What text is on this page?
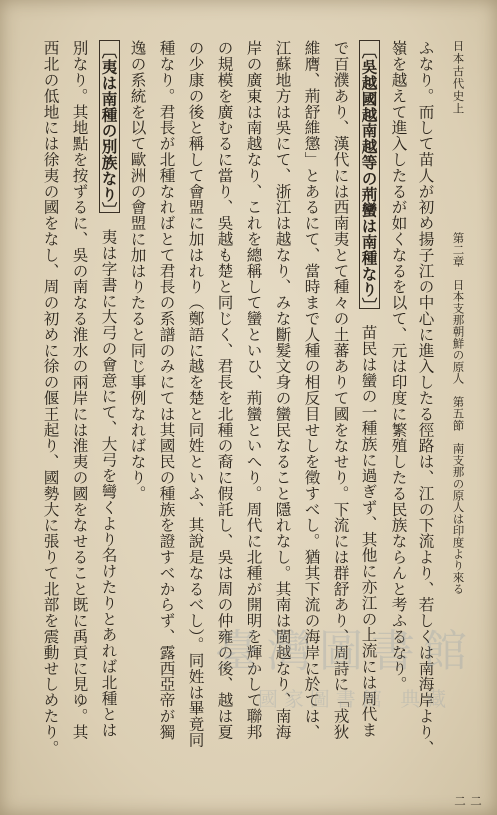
日本古代史上
第二章　日本支那朝鮮の原人　第五節　南支那の原人は印度より來る
二二
ふなり。而して苗人が初め揚子江の中心に進入したる徑路は、江の下流より、若しくは南海岸より、
嶺を越えて進入したるが如くなるを以て、元は印度に繁殖したる民族ならんと考ふるなり。
〔吳越國越南越等の荊蠻は南種なり〕　苗民は蠻の一種族に過ぎず、其他に亦江の上流には周代ま
で百濮あり、漢代には西南夷とて種々の土蕃ありて國をなせり。下流には群舒あり、周詩に「戎狄
維膺、荊舒維懲」とあるにて、當時まで人種の相反目せしを徵すべし。猶其下流の海岸に於ては、
江蘇地方は吳にて、浙江は越なり、みな斷髮文身の蠻民なること隱れなし。其南は閩越なり、南海
岸の廣東は南越なり、これを總稱して蠻といひ、荊蠻といへり。周代に北種が開明を輝かして聯邦
の規模を廣むるに當り、吳越も楚と同じく、君長を北種の裔に假託し、吳は周の仲雍の後、越は夏
の少康の後と稱して會盟に加はれり（鄭語に越を楚と同姓といふ、其說是なるべし）。同姓は畢竟同
種なり。君長が北種なればとて君長の系譜のみにては其國民の種族を證すべからず、露西亞帝が獨
逸の系統を以て歐洲の會盟に加はりたると同じ事例なればなり。
〔夷は南種の別族なり〕　夷は字書に大弓の會意にて、大弓を彎くより名けたりとあれば北種とは
別なり。其地點を按ずるに、吳の南なる淮水の兩岸には淮夷の國をなせること既に禹貢に見ゆ。其
西北の低地には徐夷の國をなし、周の初めに徐の偃王起り、國勢大に張りて北部を震動せしめたり。	臺灣圖書館
國家圖書館 典藏
